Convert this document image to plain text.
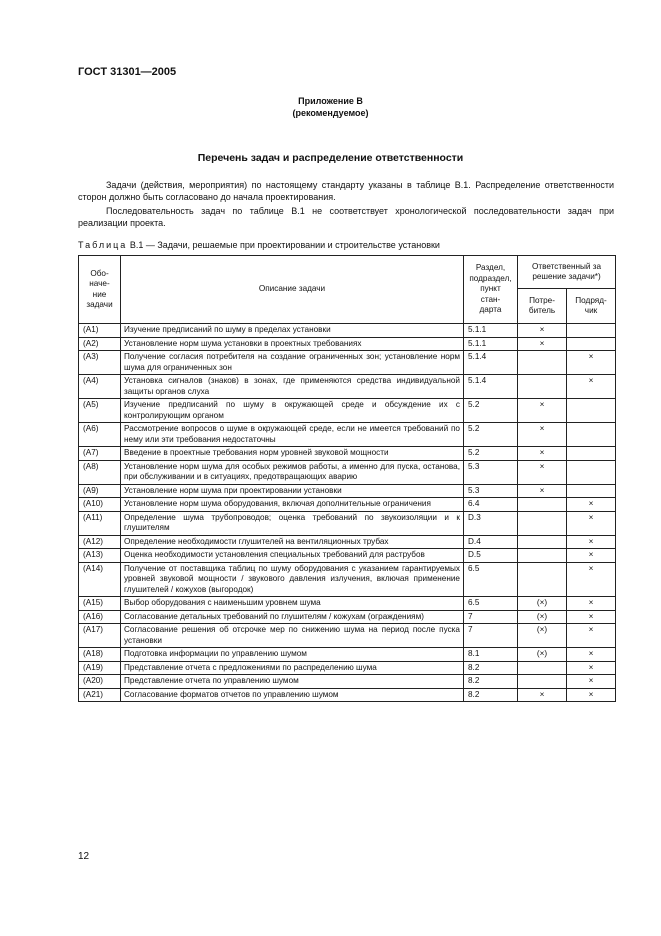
ГОСТ 31301—2005
Приложение В
(рекомендуемое)
Перечень задач и распределение ответственности
Задачи (действия, мероприятия) по настоящему стандарту указаны в таблице В.1. Распределение ответственности сторон должно быть согласовано до начала проектирования.
Последовательность задач по таблице В.1 не соответствует хронологической последовательности задач при реализации проекта.
Таблица В.1 — Задачи, решаемые при проектировании и строительстве установки
Обо-
наче-
ние
задачи	Описание задачи	Раздел,
подраздел,
пункт
стан-
дарта	Ответственный за решение задачи*)	
			Потре-
битель	Подряд-
чик
(А1)	Изучение предписаний по шуму в пределах установки	5.1.1	×	
(А2)	Установление норм шума установки в проектных требованиях	5.1.1	×	
(А3)	Получение согласия потребителя на создание ограниченных зон; установление норм шума для ограниченных зон	5.1.4		×
(А4)	Установка сигналов (знаков) в зонах, где применяются средства индивидуальной защиты органов слуха	5.1.4		×
(А5)	Изучение предписаний по шуму в окружающей среде и обсуждение их с контролирующим органом	5.2	×	
(А6)	Рассмотрение вопросов о шуме в окружающей среде, если не имеется требований по нему или эти требования недостаточны	5.2	×	
(А7)	Введение в проектные требования норм уровней звуковой мощности	5.2	×	
(А8)	Установление норм шума для особых режимов работы, а именно для пуска, останова, при обслуживании и в ситуациях, предотвращающих аварию	5.3	×	
(А9)	Установление норм шума при проектировании установки	5.3	×	
(А10)	Установление норм шума оборудования, включая дополнительные ограничения	6.4		×
(А11)	Определение шума трубопроводов; оценка требований по звукоизоляции и к глушителям	D.3		×
(А12)	Определение необходимости глушителей на вентиляционных трубах	D.4		×
(А13)	Оценка необходимости установления специальных требований для раструбов	D.5		×
(А14)	Получение от поставщика таблиц по шуму оборудования с указанием гарантируемых уровней звуковой мощности / звукового давления излучения, включая применение глушителей / кожухов (выгородок)	6.5		×
(А15)	Выбор оборудования с наименьшим уровнем шума	6.5	(×)	×
(А16)	Согласование детальных требований по глушителям / кожухам (ограждениям)	7	(×)	×
(А17)	Согласование решения об отсрочке мер по снижению шума на период после пуска установки	7	(×)	×
(А18)	Подготовка информации по управлению шумом	8.1	(×)	×
(А19)	Представление отчета с предложениями по распределению шума	8.2		×
(А20)	Представление отчета по управлению шумом	8.2		×
(А21)	Согласование форматов отчетов по управлению шумом	8.2	×	×
12
